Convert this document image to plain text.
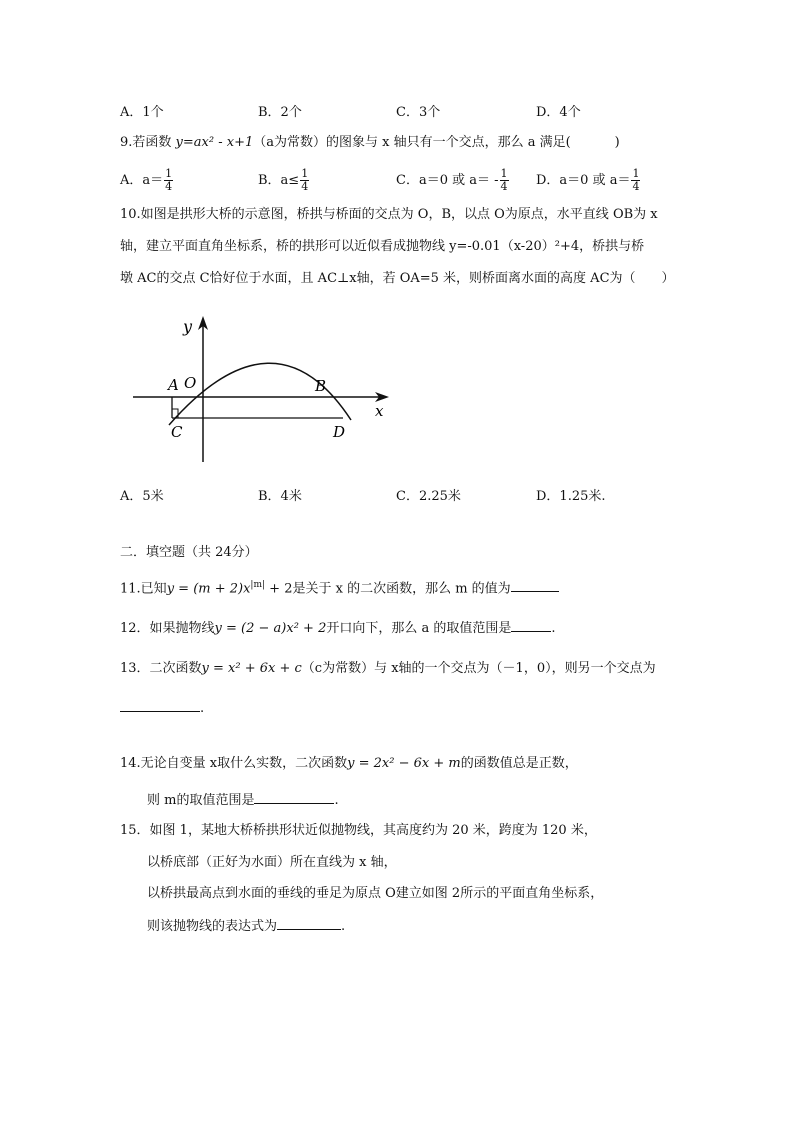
A．1个	B．2个	C．3个	D．4个
9.若函数 y=ax² - x+1（a为常数）的图象与 x 轴只有一个交点，那么 a 满足(	)
A．$a= \frac{1}{4}$	B．$a\le \frac{1}{4}$	C．a＝0 或 $a= - \frac{1}{4}$ D．a＝0 或 $a= \frac{1}{4}$
10.如图是拱形大桥的示意图，桥拱与桥面的交点为 O，B，以点 O为原点，水平直线 OB为 x
轴，建立平面直角坐标系，桥的拱形可以近似看成抛物线 y=-0.01（x-20）²+4，桥拱与桥
墩 AC的交点 C恰好位于水面，且 AC⊥x轴，若 OA=5 米，则桥面离水面的高度 AC为（　　）
y
x
A O	B
C	D
A．5米	B．4米	C．2.25米	D．1.25米.
二．填空题（共 24分）
11.已知$y = (m + 2)x^{|m|} + 2$是关于 x 的二次函数，那么 m 的值为
12．如果抛物线y = (2 − a)x² + 2开口向下，那么 a 的取值范围是	.
13．二次函数y = x² + 6x + c（c为常数）与 x轴的一个交点为（－1，0），则另一个交点为
.
14.无论自变量 x取什么实数，二次函数y = 2x² − 6x + m的函数值总是正数，
则 m的取值范围是	.
15．如图 1，某地大桥桥拱形状近似抛物线，其高度约为 20 米，跨度为 120 米，
以桥底部（正好为水面）所在直线为 x 轴，
以桥拱最高点到水面的垂线的垂足为原点 O建立如图 2所示的平面直角坐标系，
则该抛物线的表达式为	.
